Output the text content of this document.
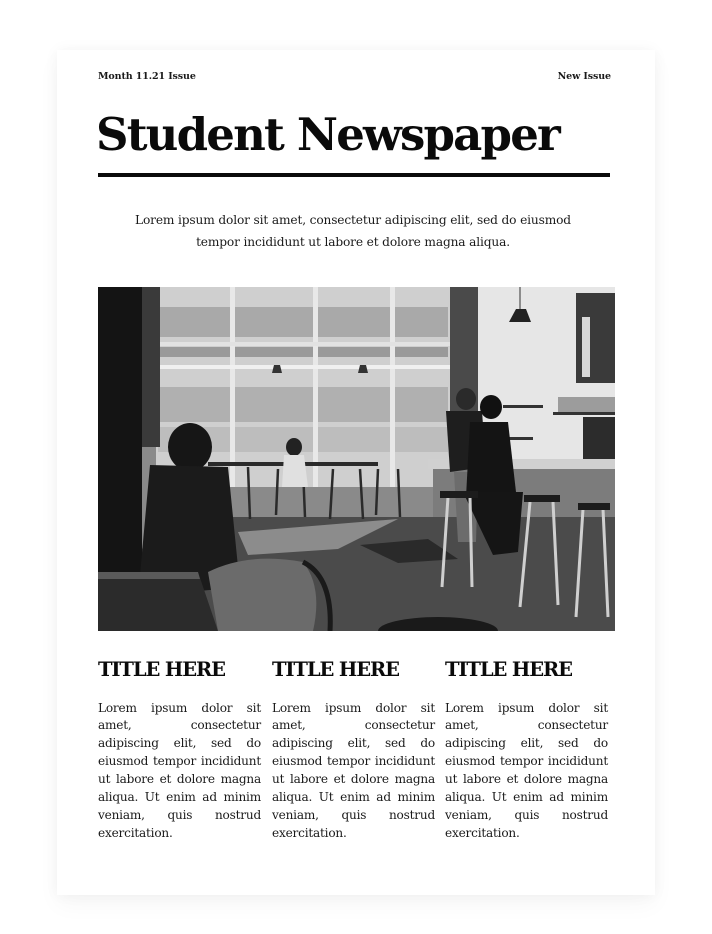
Month 11.21 Issue	New Issue
Student Newspaper

Lorem ipsum dolor sit amet, consectetur adipiscing elit, sed do eiusmod tempor incididunt ut labore et dolore magna aliqua.

TITLE HERE

Lorem ipsum dolor sit amet, consectetur adipiscing elit, sed do eiusmod tempor incididunt ut labore et dolore magna aliqua. Ut enim ad minim veniam, quis nostrud exercitation.

TITLE HERE

Lorem ipsum dolor sit amet, consectetur adipiscing elit, sed do eiusmod tempor incididunt ut labore et dolore magna aliqua. Ut enim ad minim veniam, quis nostrud exercitation.

TITLE HERE

Lorem ipsum dolor sit amet, consectetur adipiscing elit, sed do eiusmod tempor incididunt ut labore et dolore magna aliqua. Ut enim ad minim veniam, quis nostrud exercitation.
